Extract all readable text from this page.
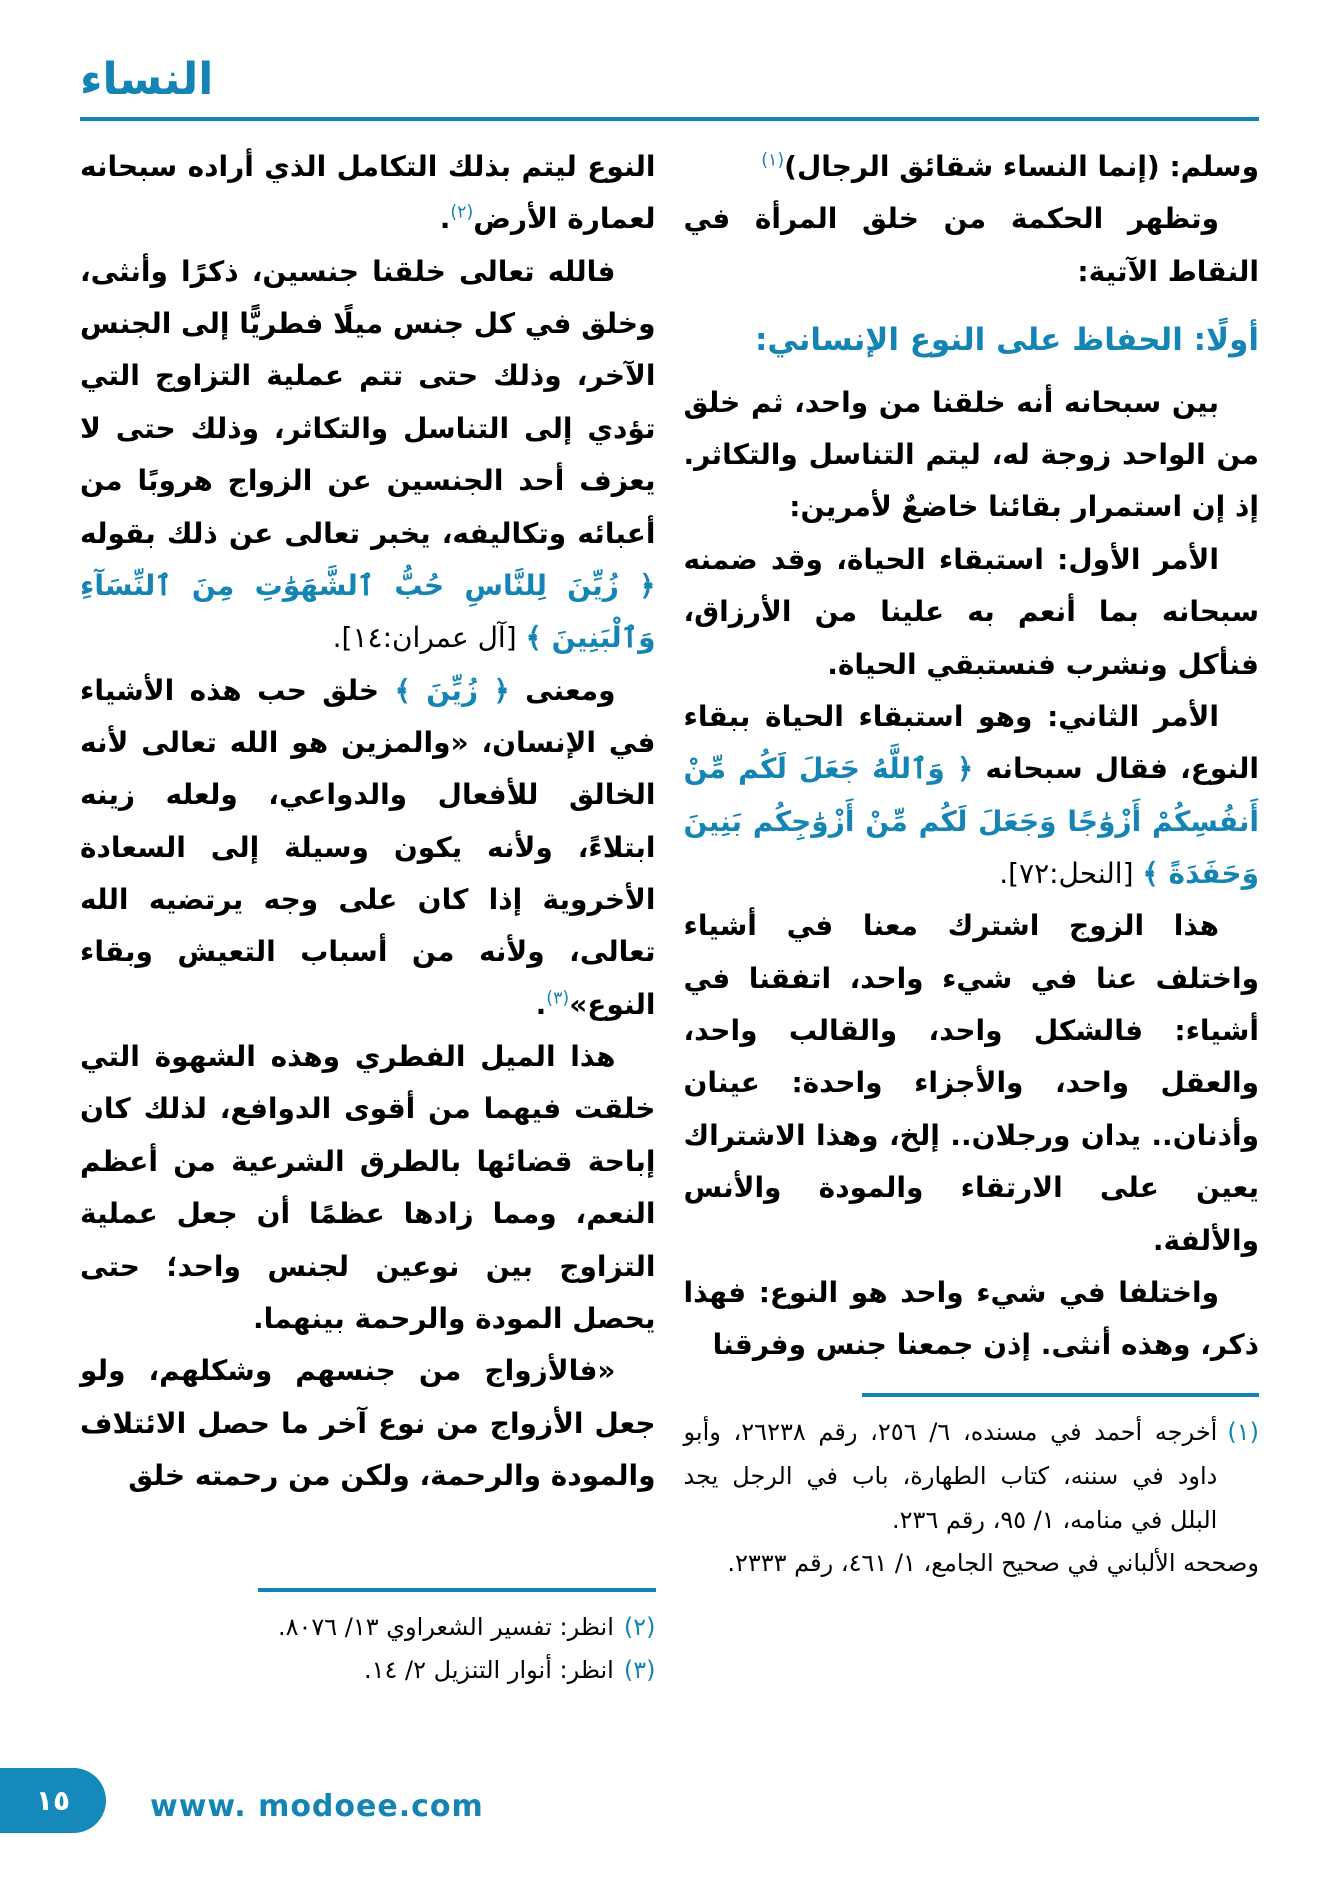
النساء

وسلم: (إنما النساء شقائق الرجال)$^{(١)}$

وتظهر الحكمة من خلق المرأة في النقاط الآتية:

أولًا: الحفاظ على النوع الإنساني:

بين سبحانه أنه خلقنا من واحد، ثم خلق من الواحد زوجة له، ليتم التناسل والتكاثر. إذ إن استمرار بقائنا خاضعٌ لأمرين:

الأمر الأول: استبقاء الحياة، وقد ضمنه سبحانه بما أنعم به علينا من الأرزاق، فنأكل ونشرب فنستبقي الحياة.

الأمر الثاني: وهو استبقاء الحياة ببقاء النوع، فقال سبحانه ﴿ وَٱللَّهُ جَعَلَ لَكُم مِّنْ أَنفُسِكُمْ أَزْوَٰجًا وَجَعَلَ لَكُم مِّنْ أَزْوَٰجِكُم بَنِينَ وَحَفَدَةً ﴾ [النحل:٧٢].

هذا الزوج اشترك معنا في أشياء واختلف عنا في شيء واحد، اتفقنا في أشياء: فالشكل واحد، والقالب واحد، والعقل واحد، والأجزاء واحدة: عينان وأذنان.. يدان ورجلان.. إلخ، وهذا الاشتراك يعين على الارتقاء والمودة والأنس والألفة.

واختلفا في شيء واحد هو النوع: فهذا ذكر، وهذه أنثى. إذن جمعنا جنس وفرقنا

(١)
أخرجه أحمد في مسنده، ٦/ ٢٥٦، رقم ٢٦٢٣٨، وأبو داود في سننه، كتاب الطهارة، باب في الرجل يجد البلل في منامه، ١/ ٩٥، رقم ٢٣٦.
وصححه الألباني في صحيح الجامع، ١/ ٤٦١، رقم ٢٣٣٣.

النوع ليتم بذلك التكامل الذي أراده سبحانه لعمارة الأرض$^{(٢)}$.

فالله تعالى خلقنا جنسين، ذكرًا وأنثى، وخلق في كل جنس ميلًا فطريًّا إلى الجنس الآخر، وذلك حتى تتم عملية التزاوج التي تؤدي إلى التناسل والتكاثر، وذلك حتى لا يعزف أحد الجنسين عن الزواج هروبًا من أعبائه وتكاليفه، يخبر تعالى عن ذلك بقوله ﴿ زُيِّنَ لِلنَّاسِ حُبُّ ٱلشَّهَوَٰتِ مِنَ ٱلنِّسَآءِ وَٱلْبَنِينَ ﴾ [آل عمران:١٤].

ومعنى ﴿ زُيِّنَ ﴾ خلق حب هذه الأشياء في الإنسان، «والمزين هو الله تعالى لأنه الخالق للأفعال والدواعي، ولعله زينه ابتلاءً، ولأنه يكون وسيلة إلى السعادة الأخروية إذا كان على وجه يرتضيه الله تعالى، ولأنه من أسباب التعيش وبقاء النوع»$^{(٣)}$.

هذا الميل الفطري وهذه الشهوة التي خلقت فيهما من أقوى الدوافع، لذلك كان إباحة قضائها بالطرق الشرعية من أعظم النعم، ومما زادها عظمًا أن جعل عملية التزاوج بين نوعين لجنس واحد؛ حتى يحصل المودة والرحمة بينهما.

«فالأزواج من جنسهم وشكلهم، ولو جعل الأزواج من نوع آخر ما حصل الائتلاف والمودة والرحمة، ولكن من رحمته خلق

(٢)
انظر: تفسير الشعراوي ١٣/ ٨٠٧٦.
(٣)
انظر: أنوار التنزيل ٢/ ١٤.
١٥	www. modoee.com
